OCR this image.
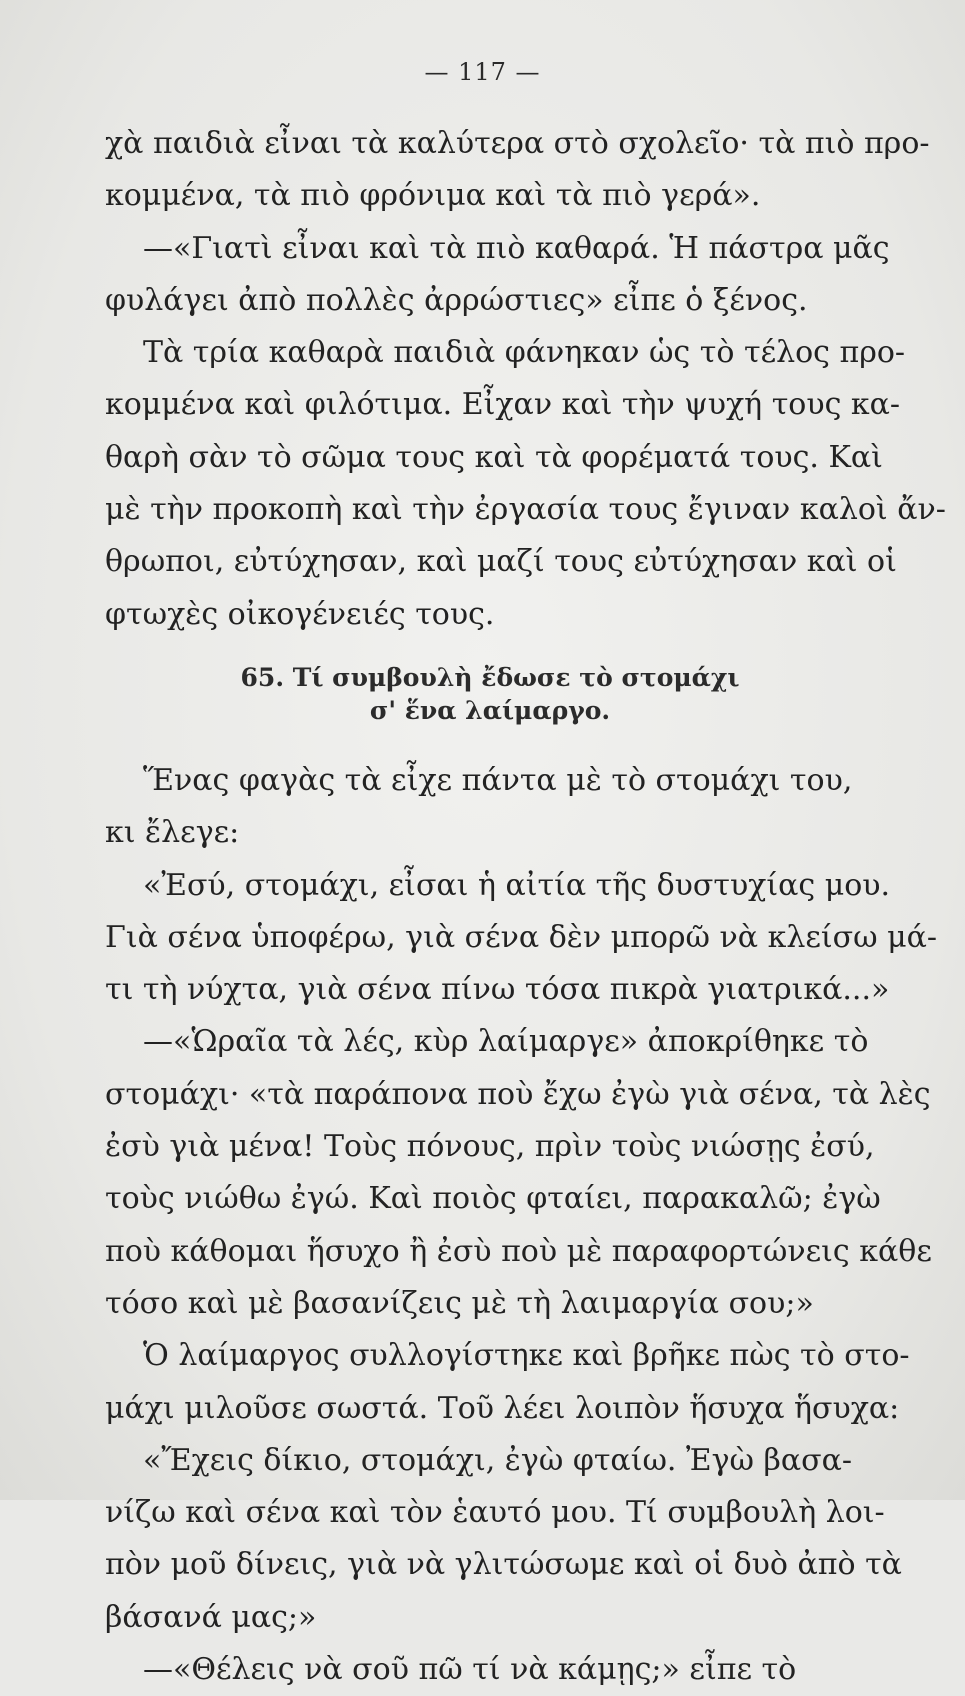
— 117 —
χὰ παιδιὰ εἶναι τὰ καλύτερα στὸ σχολεῖο· τὰ πιὸ προ-
κομμένα, τὰ πιὸ φρόνιμα καὶ τὰ πιὸ γερά».
—«Γιατὶ εἶναι καὶ τὰ πιὸ καθαρά. Ἡ πάστρα μᾶς
φυλάγει ἀπὸ πολλὲς ἀρρώστιες» εἶπε ὁ ξένος.
Τὰ τρία καθαρὰ παιδιὰ φάνηκαν ὡς τὸ τέλος προ-
κομμένα καὶ φιλότιμα. Εἶχαν καὶ τὴν ψυχή τους κα-
θαρὴ σὰν τὸ σῶμα τους καὶ τὰ φορέματά τους. Καὶ
μὲ τὴν προκοπὴ καὶ τὴν ἐργασία τους ἔγιναν καλοὶ ἄν-
θρωποι, εὐτύχησαν, καὶ μαζί τους εὐτύχησαν καὶ οἱ
φτωχὲς οἰκογένειές τους.
65. Τί συμβουλὴ ἔδωσε τὸ στομάχι
σ' ἕνα λαίμαργο.
Ἕνας φαγὰς τὰ εἶχε πάντα μὲ τὸ στομάχι του,
κι ἔλεγε:
«Ἐσύ, στομάχι, εἶσαι ἡ αἰτία τῆς δυστυχίας μου.
Γιὰ σένα ὑποφέρω, γιὰ σένα δὲν μπορῶ νὰ κλείσω μά-
τι τὴ νύχτα, γιὰ σένα πίνω τόσα πικρὰ γιατρικά...»
—«Ὡραῖα τὰ λές, κὺρ λαίμαργε» ἀποκρίθηκε τὸ
στομάχι· «τὰ παράπονα ποὺ ἔχω ἐγὼ γιὰ σένα, τὰ λὲς
ἐσὺ γιὰ μένα! Τοὺς πόνους, πρὶν τοὺς νιώσῃς ἐσύ,
τοὺς νιώθω ἐγώ. Καὶ ποιὸς φταίει, παρακαλῶ; ἐγὼ
ποὺ κάθομαι ἥσυχο ἢ ἐσὺ ποὺ μὲ παραφορτώνεις κάθε
τόσο καὶ μὲ βασανίζεις μὲ τὴ λαιμαργία σου;»
Ὁ λαίμαργος συλλογίστηκε καὶ βρῆκε πὼς τὸ στο-
μάχι μιλοῦσε σωστά. Τοῦ λέει λοιπὸν ἥσυχα ἥσυχα:
«Ἔχεις δίκιο, στομάχι, ἐγὼ φταίω. Ἐγὼ βασα-
νίζω καὶ σένα καὶ τὸν ἑαυτό μου. Τί συμβουλὴ λοι-
πὸν μοῦ δίνεις, γιὰ νὰ γλιτώσωμε καὶ οἱ δυὸ ἀπὸ τὰ
βάσανά μας;»
—«Θέλεις νὰ σοῦ πῶ τί νὰ κάμῃς;» εἶπε τὸ
